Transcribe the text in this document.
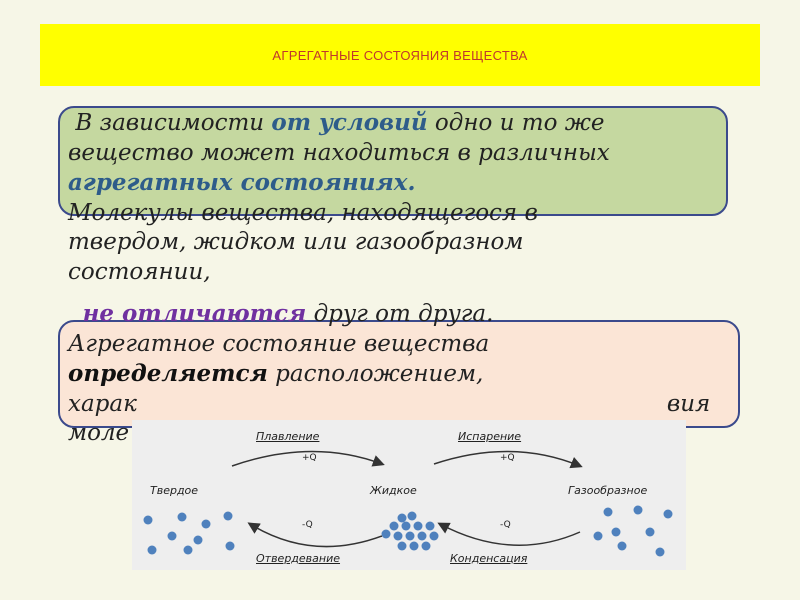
АГРЕГАТНЫЕ СОСТОЯНИЯ ВЕЩЕСТВА
В зависимости от условий одно и то же
вещество может находиться в различных
агрегатных состояниях.
Молекулы вещества, находящегося в
твердом, жидком или газообразном
состоянии,
не отличаются друг от друга.
Агрегатное состояние вещества
определяется расположением,
харак	вия
моле	Плавление	Испарение
+Q	+Q
Твердое	Жидкое	Газообразное
-Q	-Q
Отвердевание	Конденсация
